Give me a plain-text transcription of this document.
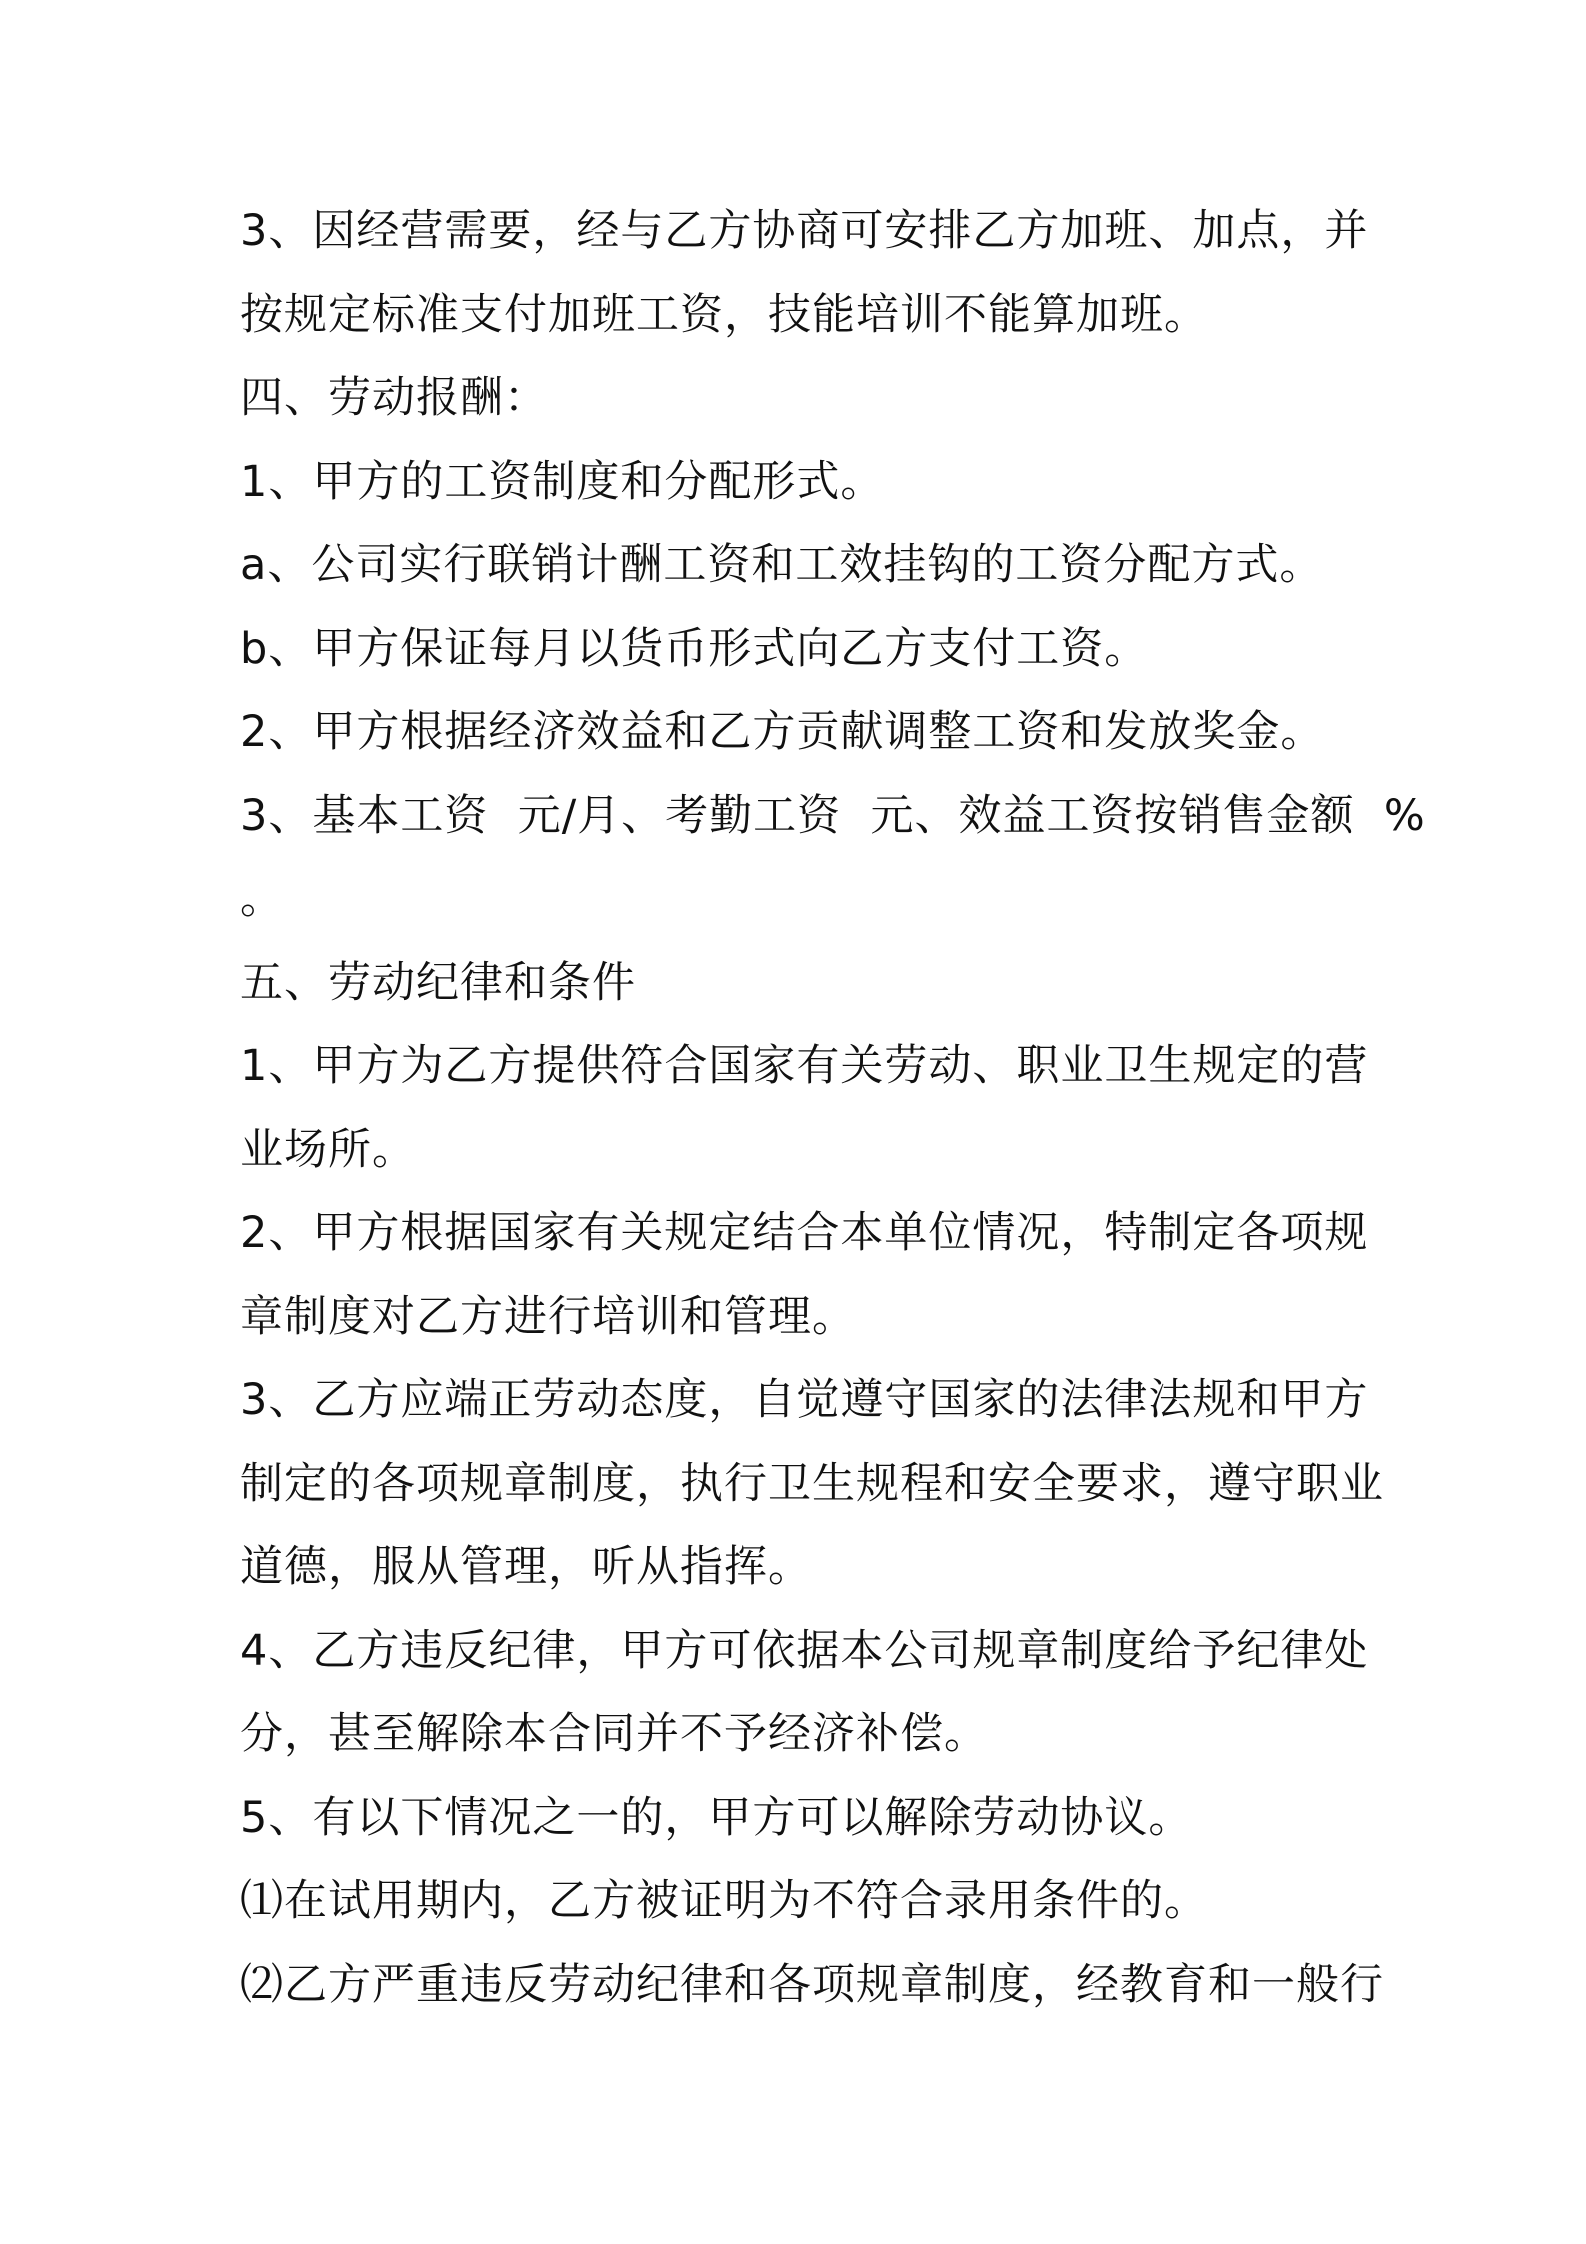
3、因经营需要，经与乙方协商可安排乙方加班、加点，并
按规定标准支付加班工资，技能培训不能算加班。
四、劳动报酬：
1、甲方的工资制度和分配形式。
a、公司实行联销计酬工资和工效挂钩的工资分配方式。
b、甲方保证每月以货币形式向乙方支付工资。
2、甲方根据经济效益和乙方贡献调整工资和发放奖金。
3、基本工资  元/月、考勤工资  元、效益工资按销售金额  %
。
五、劳动纪律和条件
1、甲方为乙方提供符合国家有关劳动、职业卫生规定的营
业场所。
2、甲方根据国家有关规定结合本单位情况，特制定各项规
章制度对乙方进行培训和管理。
3、乙方应端正劳动态度，自觉遵守国家的法律法规和甲方
制定的各项规章制度，执行卫生规程和安全要求，遵守职业
道德，服从管理，听从指挥。
4、乙方违反纪律，甲方可依据本公司规章制度给予纪律处
分，甚至解除本合同并不予经济补偿。
5、有以下情况之一的，甲方可以解除劳动协议。
⑴在试用期内，乙方被证明为不符合录用条件的。
⑵乙方严重违反劳动纪律和各项规章制度，经教育和一般行
